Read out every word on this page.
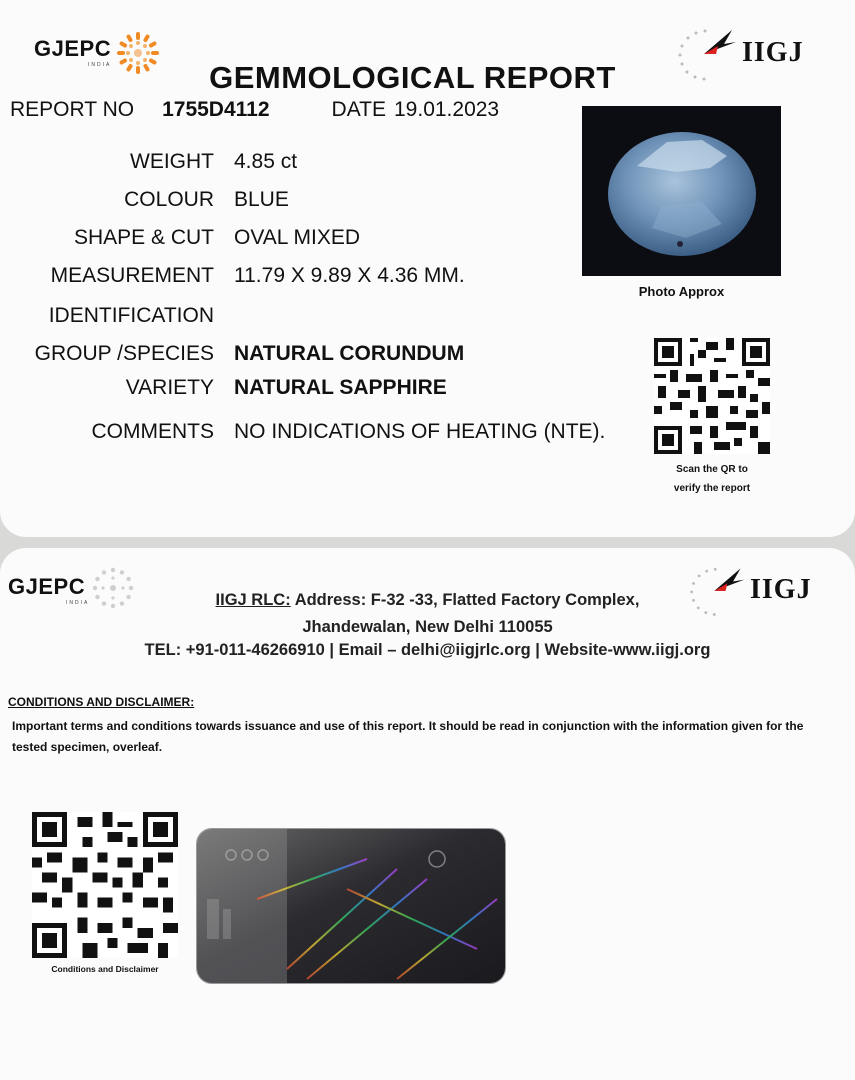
GJEPC
INDIA	IIGJ
GEMMOLOGICAL REPORT
REPORT NO 1755D4112	DATE 19.01.2023
WEIGHT 4.85 ct
COLOUR BLUE
SHAPE & CUT OVAL MIXED
MEASUREMENT 11.79 X 9.89 X 4.36 MM.
IDENTIFICATION
GROUP /SPECIES NATURAL CORUNDUM
VARIETY NATURAL SAPPHIRE
COMMENTS NO INDICATIONS OF HEATING (NTE).
Photo Approx
Scan the QR to
verify the report
GJEPC
INDIA	IIGJ
IIGJ RLC: Address: F-32 -33, Flatted Factory Complex,
Jhandewalan, New Delhi 110055
TEL: +91-011-46266910 | Email – delhi@iigjrlc.org | Website-www.iigj.org
CONDITIONS AND DISCLAIMER:
Important terms and conditions towards issuance and use of this report. It should be read in conjunction with the information given for the tested specimen, overleaf.
Conditions and Disclaimer
